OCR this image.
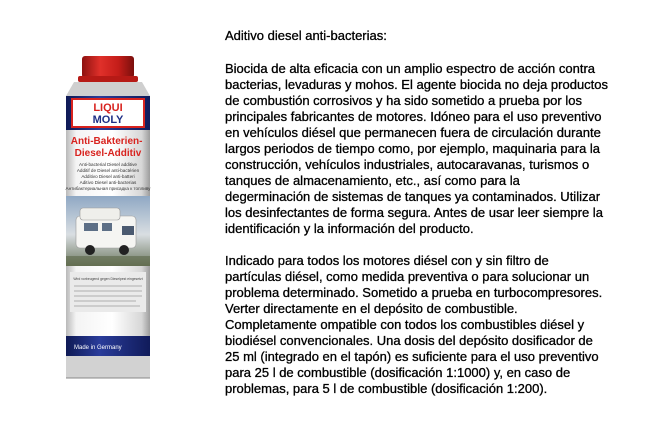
LIQUI
MOLY
Anti-Bakterien- Diesel-Additiv
Anti-bacterial Diesel additive
Additif de Diesel anti-bactérien
Additivo Diesel anti-batteri
Aditivo Diesel anti-bacterias
Антибактериальная присадка к топливу
Wird vorbeugend gegen Dieselpest eingesetzt
Made in Germany

Aditivo diesel anti-bacterias:

Biocida de alta eficacia con un amplio espectro de acción contra
bacterias, levaduras y mohos. El agente biocida no deja productos
de combustión corrosivos y ha sido sometido a prueba por los
principales fabricantes de motores. Idóneo para el uso preventivo
en vehículos diésel que permanecen fuera de circulación durante
largos periodos de tiempo como, por ejemplo, maquinaria para la
construcción, vehículos industriales, autocaravanas, turismos o
tanques de almacenamiento, etc., así como para la
degerminación de sistemas de tanques ya contaminados. Utilizar
los desinfectantes de forma segura. Antes de usar leer siempre la
identificación y la información del producto.

Indicado para todos los motores diésel con y sin filtro de
partículas diésel, como medida preventiva o para solucionar un
problema determinado. Sometido a prueba en turbocompresores.
Verter directamente en el depósito de combustible.
Completamente ompatible con todos los combustibles diésel y
biodiésel convencionales. Una dosis del depósito dosificador de
25 ml (integrado en el tapón) es suficiente para el uso preventivo
para 25 l de combustible (dosificación 1:1000) y, en caso de
problemas, para 5 l de combustible (dosificación 1:200).
